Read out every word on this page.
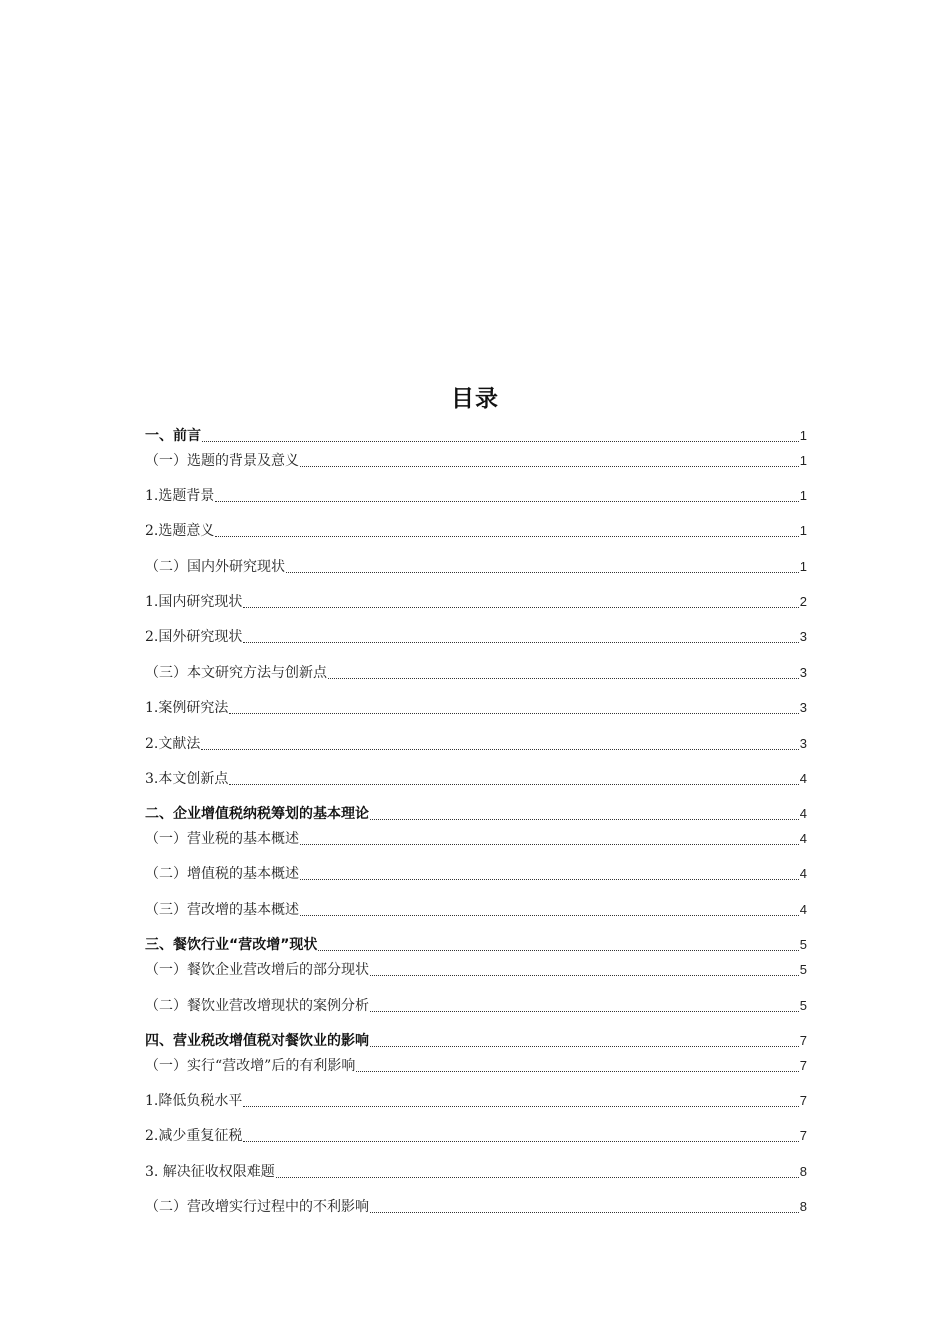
目录
一、前言	1
（一）选题的背景及意义	1
1.选题背景	1
2.选题意义	1
（二）国内外研究现状	1
1.国内研究现状	2
2.国外研究现状	3
（三）本文研究方法与创新点	3
1.案例研究法	3
2.文献法	3
3.本文创新点	4
二、企业增值税纳税筹划的基本理论	4
（一）营业税的基本概述	4
（二）增值税的基本概述	4
（三）营改增的基本概述	4
三、餐饮行业“营改增”现状	5
（一）餐饮企业营改增后的部分现状	5
（二）餐饮业营改增现状的案例分析	5
四、营业税改增值税对餐饮业的影响	7
（一）实行“营改增”后的有利影响	7
1.降低负税水平	7
2.减少重复征税	7
3. 解决征收权限难题	8
（二）营改增实行过程中的不利影响	8
